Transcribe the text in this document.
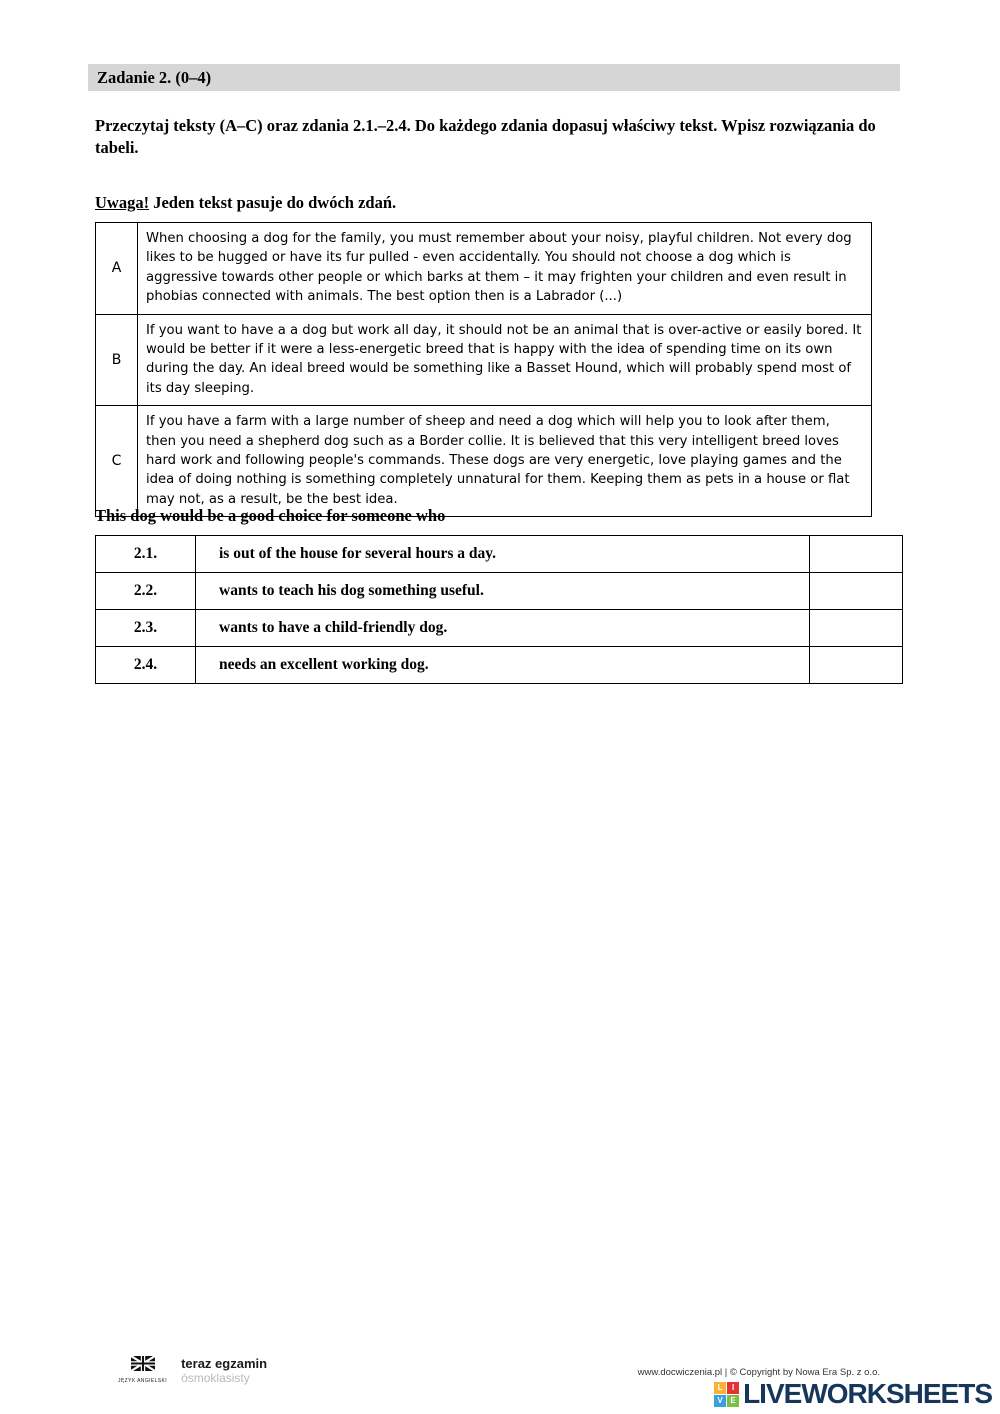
Zadanie 2. (0–4)

Przeczytaj teksty (A–C) oraz zdania 2.1.–2.4. Do każdego zdania dopasuj właściwy tekst. Wpisz rozwiązania do tabeli.

Uwaga! Jeden tekst pasuje do dwóch zdań.

A	When choosing a dog for the family, you must remember about your noisy, playful children. Not every dog likes to be hugged or have its fur pulled - even accidentally. You should not choose a dog which is aggressive towards other people or which barks at them – it may frighten your children and even result in phobias connected with animals. The best option then is a Labrador (...)
B	If you want to have a a dog but work all day, it should not be an animal that is over-active or easily bored. It would be better if it were a less-energetic breed that is happy with the idea of spending time on its own during the day. An ideal breed would be something like a Basset Hound, which will probably spend most of its day sleeping.
C	If you have a farm with a large number of sheep and need a dog which will help you to look after them, then you need a shepherd dog such as a Border collie. It is believed that this very intelligent breed loves hard work and following people's commands. These dogs are very energetic, love playing games and the idea of doing nothing is something completely unnatural for them. Keeping them as pets in a house or flat may not, as a result, be the best idea.

This dog would be a good choice for someone who

2.1.	is out of the house for several hours a day.	
2.2.	wants to teach his dog something useful.	
2.3.	wants to have a child-friendly dog.	
2.4.	needs an excellent working dog.	
JĘZYK ANGIELSKI
teraz egzamin
ósmoklasisty	www.docwiczenia.pl | © Copyright by Nowa Era Sp. z o.o.
L	I
V E LIVEWORKSHEETS
